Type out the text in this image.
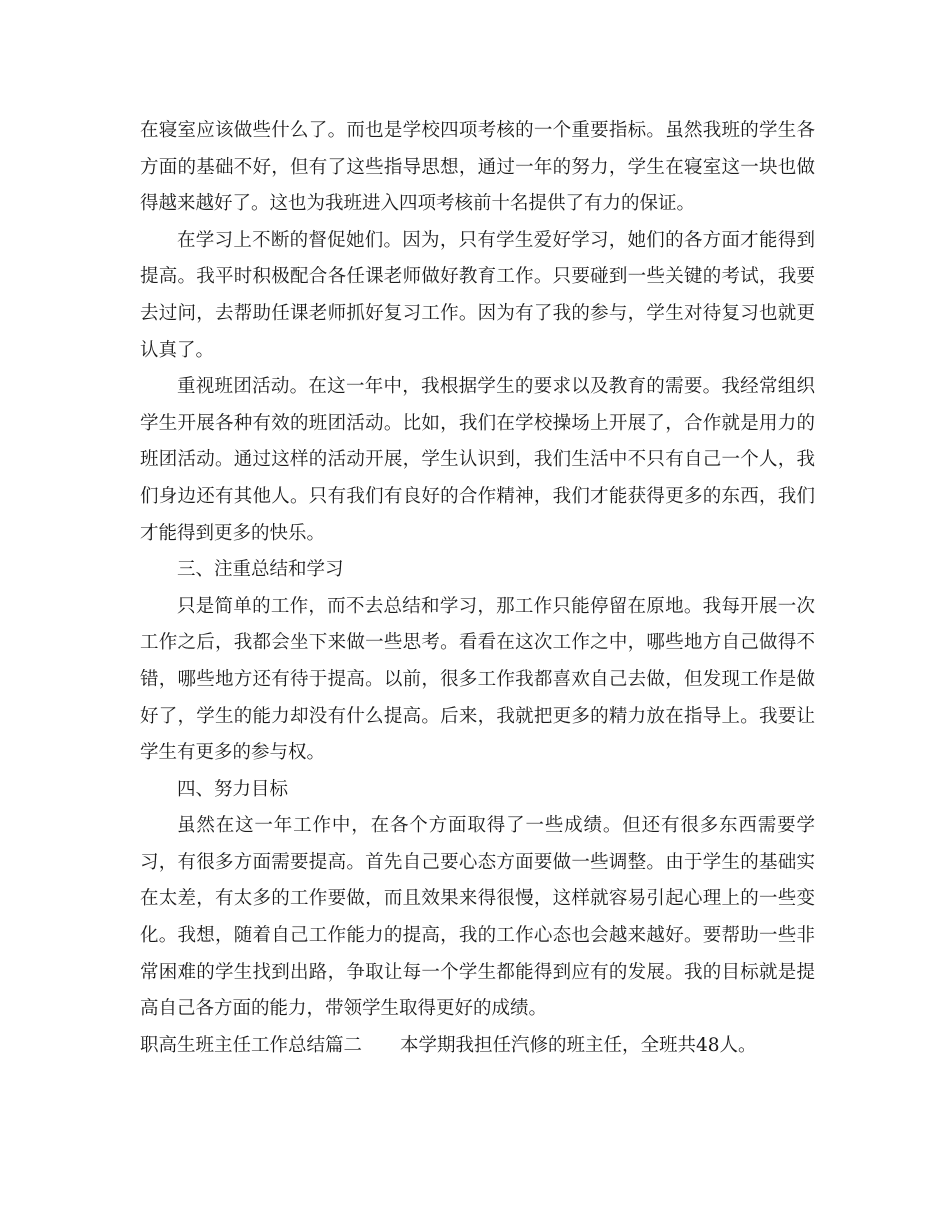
在寝室应该做些什么了。而也是学校四项考核的一个重要指标。虽然我班的学生各方面的基础不好，但有了这些指导思想，通过一年的努力，学生在寝室这一块也做得越来越好了。这也为我班进入四项考核前十名提供了有力的保证。

在学习上不断的督促她们。因为，只有学生爱好学习，她们的各方面才能得到提高。我平时积极配合各任课老师做好教育工作。只要碰到一些关键的考试，我要去过问，去帮助任课老师抓好复习工作。因为有了我的参与，学生对待复习也就更认真了。

重视班团活动。在这一年中，我根据学生的要求以及教育的需要。我经常组织学生开展各种有效的班团活动。比如，我们在学校操场上开展了，合作就是用力的班团活动。通过这样的活动开展，学生认识到，我们生活中不只有自己一个人，我们身边还有其他人。只有我们有良好的合作精神，我们才能获得更多的东西，我们才能得到更多的快乐。

三、注重总结和学习

只是简单的工作，而不去总结和学习，那工作只能停留在原地。我每开展一次工作之后，我都会坐下来做一些思考。看看在这次工作之中，哪些地方自己做得不错，哪些地方还有待于提高。以前，很多工作我都喜欢自己去做，但发现工作是做好了，学生的能力却没有什么提高。后来，我就把更多的精力放在指导上。我要让学生有更多的参与权。

四、努力目标

虽然在这一年工作中，在各个方面取得了一些成绩。但还有很多东西需要学习，有很多方面需要提高。首先自己要心态方面要做一些调整。由于学生的基础实在太差，有太多的工作要做，而且效果来得很慢，这样就容易引起心理上的一些变化。我想，随着自己工作能力的提高，我的工作心态也会越来越好。要帮助一些非常困难的学生找到出路，争取让每一个学生都能得到应有的发展。我的目标就是提高自己各方面的能力，带领学生取得更好的成绩。

职高生班主任工作总结篇二 本学期我担任汽修的班主任，全班共48人。
